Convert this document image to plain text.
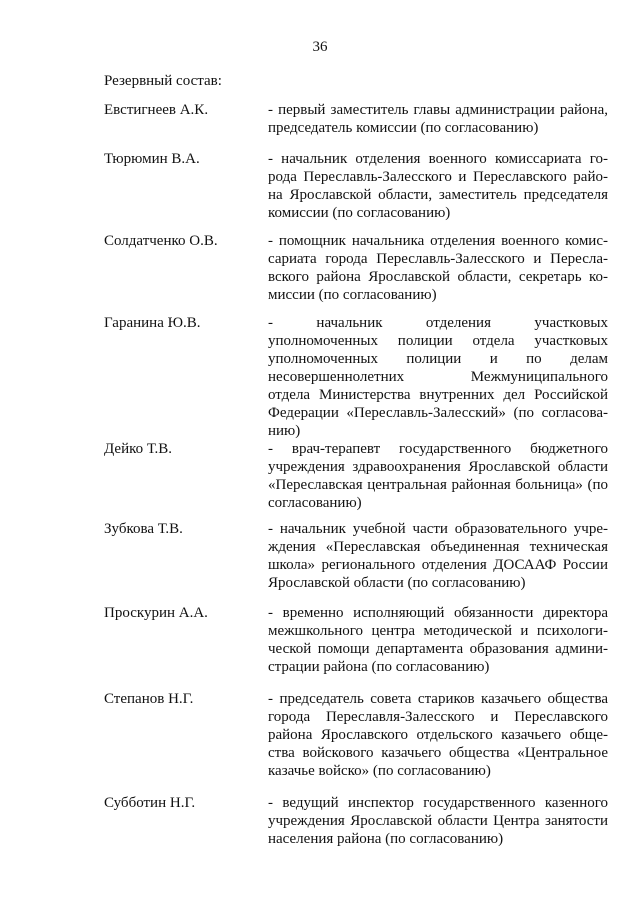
36
Резервный состав:
Евстигнеев А.К.	- первый заместитель главы администрации района,
председатель комиссии (по согласованию)
Тюрюмин В.А.	- начальник отделения военного комиссариата го-
рода Переславль-Залесского и Переславского райо-
на Ярославской области, заместитель председателя
комиссии (по согласованию)
Солдатченко О.В.	- помощник начальника отделения военного комис-
сариата города Переславль-Залесского и Пересла-
вского района Ярославской области, секретарь ко-
миссии (по согласованию)
Гаранина Ю.В.	- начальник отделения участковых
уполномоченных полиции отдела участковых
уполномоченных полиции и по делам
несовершеннолетних Межмуниципального
отдела Министерства внутренних дел Российской
Федерации «Переславль-Залесский» (по согласова-
нию)
Дейко Т.В.	- врач-терапевт государственного бюджетного
учреждения здравоохранения Ярославской области
«Переславская центральная районная больница» (по
согласованию)
Зубкова Т.В.	- начальник учебной части образовательного учре-
ждения «Переславская объединенная техническая
школа» регионального отделения ДОСААФ России
Ярославской области (по согласованию)
Проскурин А.А.	- временно исполняющий обязанности директора
межшкольного центра методической и психологи-
ческой помощи департамента образования админи-
страции района (по согласованию)
Степанов Н.Г.	- председатель совета стариков казачьего общества
города Переславля-Залесского и Переславского
района Ярославского отдельского казачьего обще-
ства войскового казачьего общества «Центральное
казачье войско» (по согласованию)
Субботин Н.Г.	- ведущий инспектор государственного казенного
учреждения Ярославской области Центра занятости
населения района (по согласованию)
